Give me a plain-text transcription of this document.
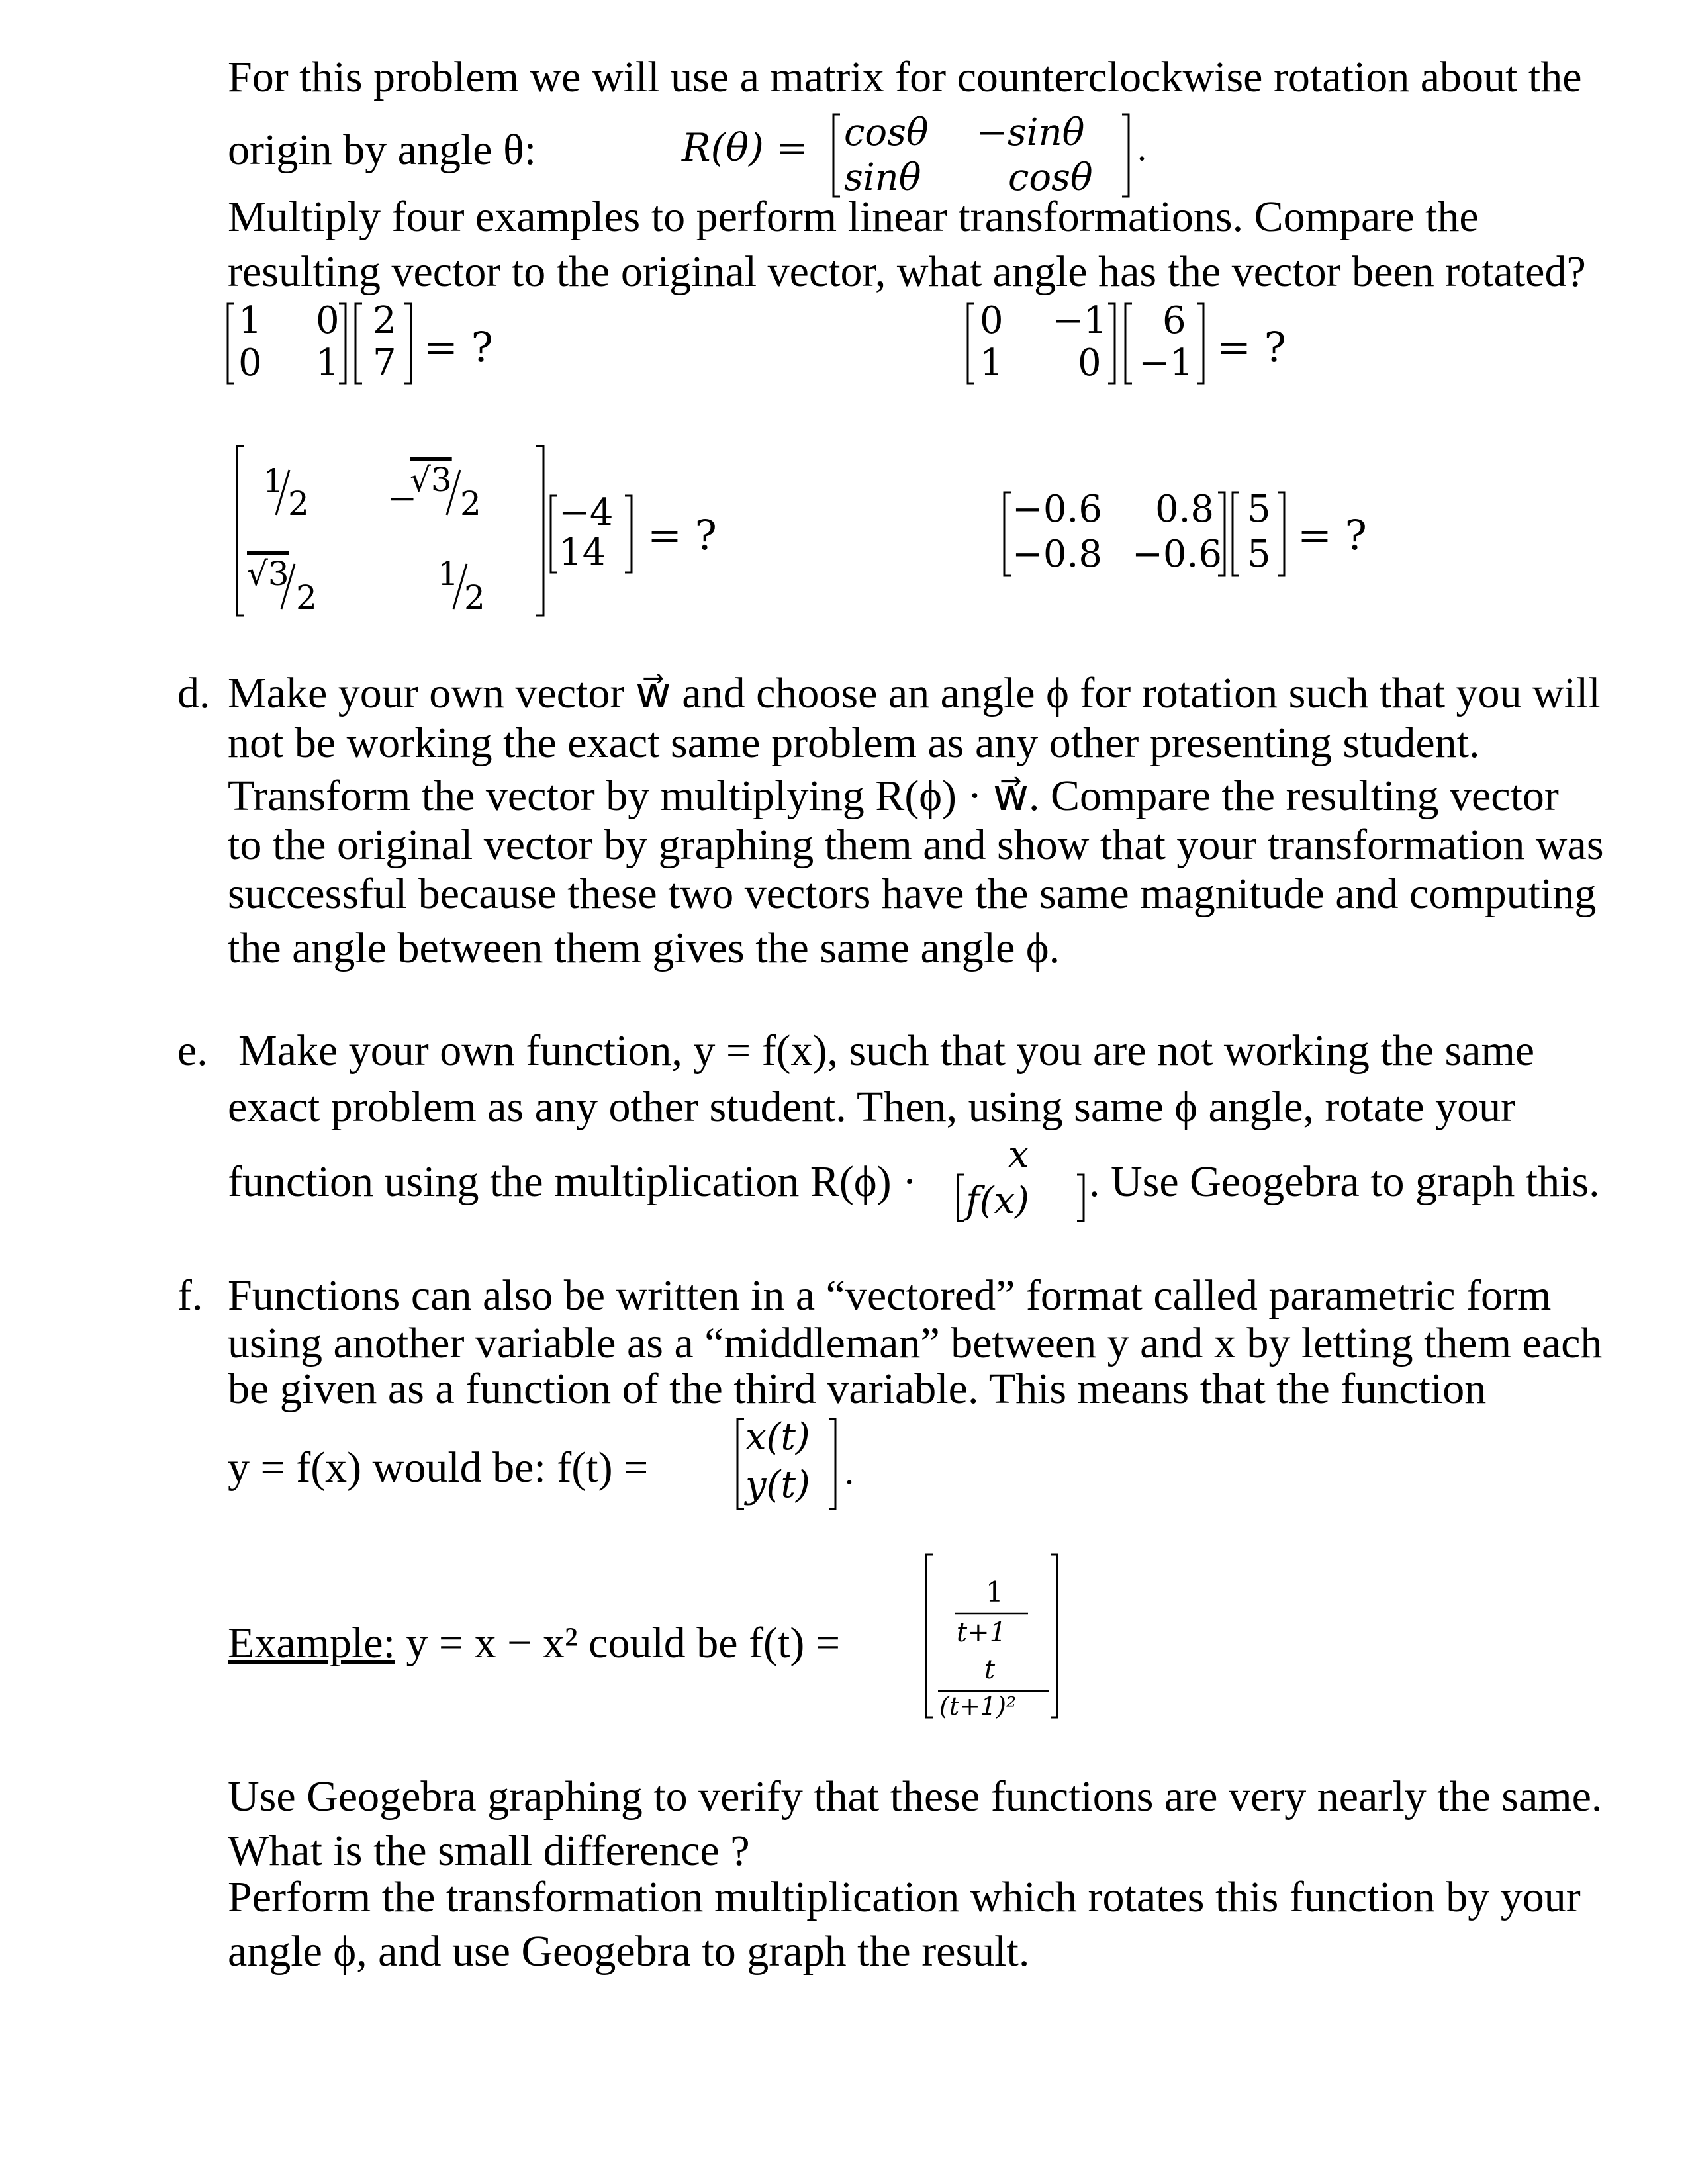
For this problem we will use a matrix for counterclockwise rotation about the
origin by angle θ:	R(θ) = cosθ −sinθ
sinθ cosθ
.
Multiply four examples to perform linear transformations. Compare the
resulting vector to the original vector, what angle has the vector been rotated?
1 0
0 1
2
7 = ?
0 −1
1 0
6
−1 = ?
1
2 −
√3
2
√3
2
1
2
−4
14 = ?
−0.6 0.8
−0.8 −0.6
5
5 = ?
d. Make your own vector w⃗ and choose an angle ϕ for rotation such that you will
not be working the exact same problem as any other presenting student.
Transform the vector by multiplying R(ϕ) · w⃗. Compare the resulting vector
to the original vector by graphing them and show that your transformation was
successful because these two vectors have the same magnitude and computing
the angle between them gives the same angle ϕ.
e. Make your own function, y = f(x), such that you are not working the same
exact problem as any other student. Then, using same ϕ angle, rotate your
function using the multiplication R(ϕ) ·
x
f(x) . Use Geogebra to graph this.
f. Functions can also be written in a “vectored” format called parametric form
using another variable as a “middleman” between y and x by letting them each
be given as a function of the third variable. This means that the function
y = f(x) would be: f(t) =
x(t)
y(t) .
Example: y = x − x² could be f(t) =
1
t+1
t
(t+1)²
Use Geogebra graphing to verify that these functions are very nearly the same.
What is the small difference ?
Perform the transformation multiplication which rotates this function by your
angle ϕ, and use Geogebra to graph the result.
